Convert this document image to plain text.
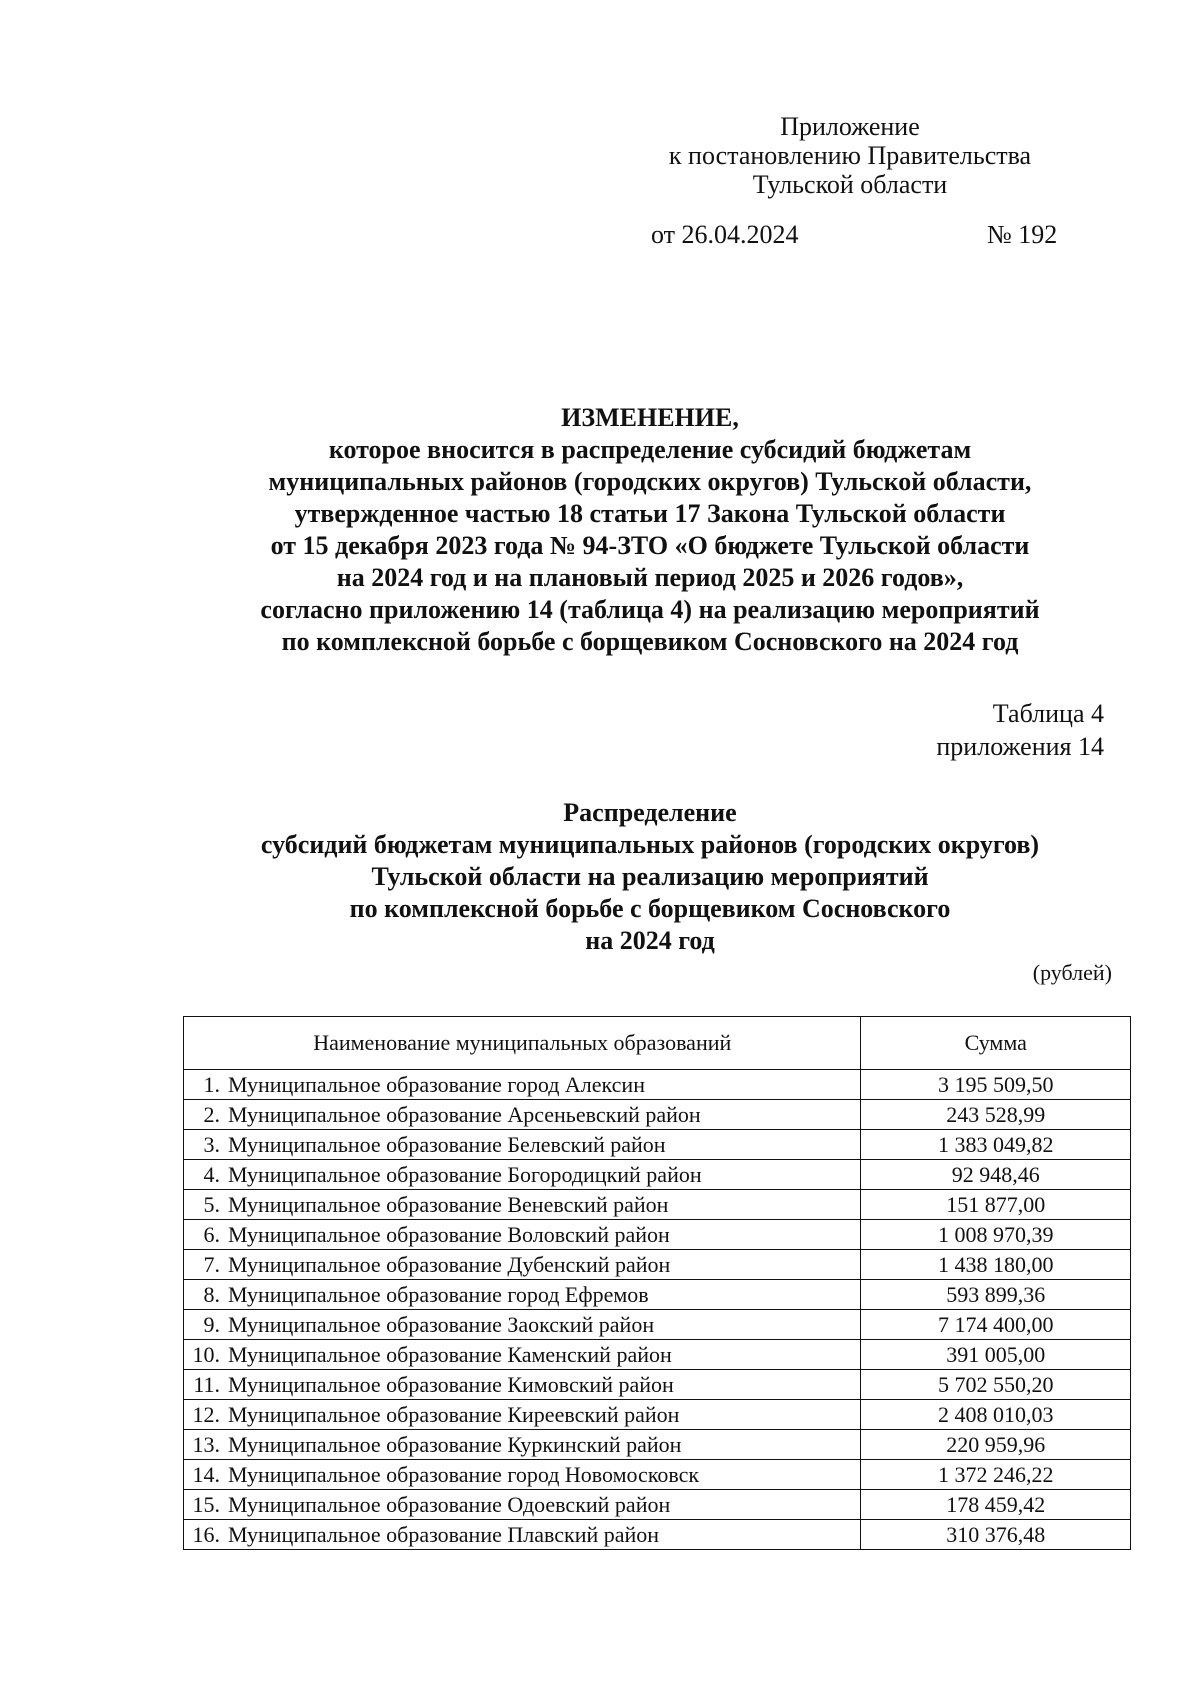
Приложение
к постановлению Правительства
Тульской области
от 26.04.2024	№ 192
ИЗМЕНЕНИЕ,
которое вносится в распределение субсидий бюджетам
муниципальных районов (городских округов) Тульской области,
утвержденное частью 18 статьи 17 Закона Тульской области
от 15 декабря 2023 года № 94-ЗТО «О бюджете Тульской области
на 2024 год и на плановый период 2025 и 2026 годов»,
согласно приложению 14 (таблица 4) на реализацию мероприятий
по комплексной борьбе с борщевиком Сосновского на 2024 год
Таблица 4
приложения 14
Распределение
субсидий бюджетам муниципальных районов (городских округов)
Тульской области на реализацию мероприятий
по комплексной борьбе с борщевиком Сосновского
на 2024 год
(рублей)
Наименование муниципальных образований	Сумма
1. Муниципальное образование город Алексин	3 195 509,50
2. Муниципальное образование Арсеньевский район	243 528,99
3. Муниципальное образование Белевский район	1 383 049,82
4. Муниципальное образование Богородицкий район	92 948,46
5. Муниципальное образование Веневский район	151 877,00
6. Муниципальное образование Воловский район	1 008 970,39
7. Муниципальное образование Дубенский район	1 438 180,00
8. Муниципальное образование город Ефремов	593 899,36
9. Муниципальное образование Заокский район	7 174 400,00
10. Муниципальное образование Каменский район	391 005,00
11. Муниципальное образование Кимовский район	5 702 550,20
12. Муниципальное образование Киреевский район	2 408 010,03
13. Муниципальное образование Куркинский район	220 959,96
14. Муниципальное образование город Новомосковск	1 372 246,22
15. Муниципальное образование Одоевский район	178 459,42
16. Муниципальное образование Плавский район	310 376,48
